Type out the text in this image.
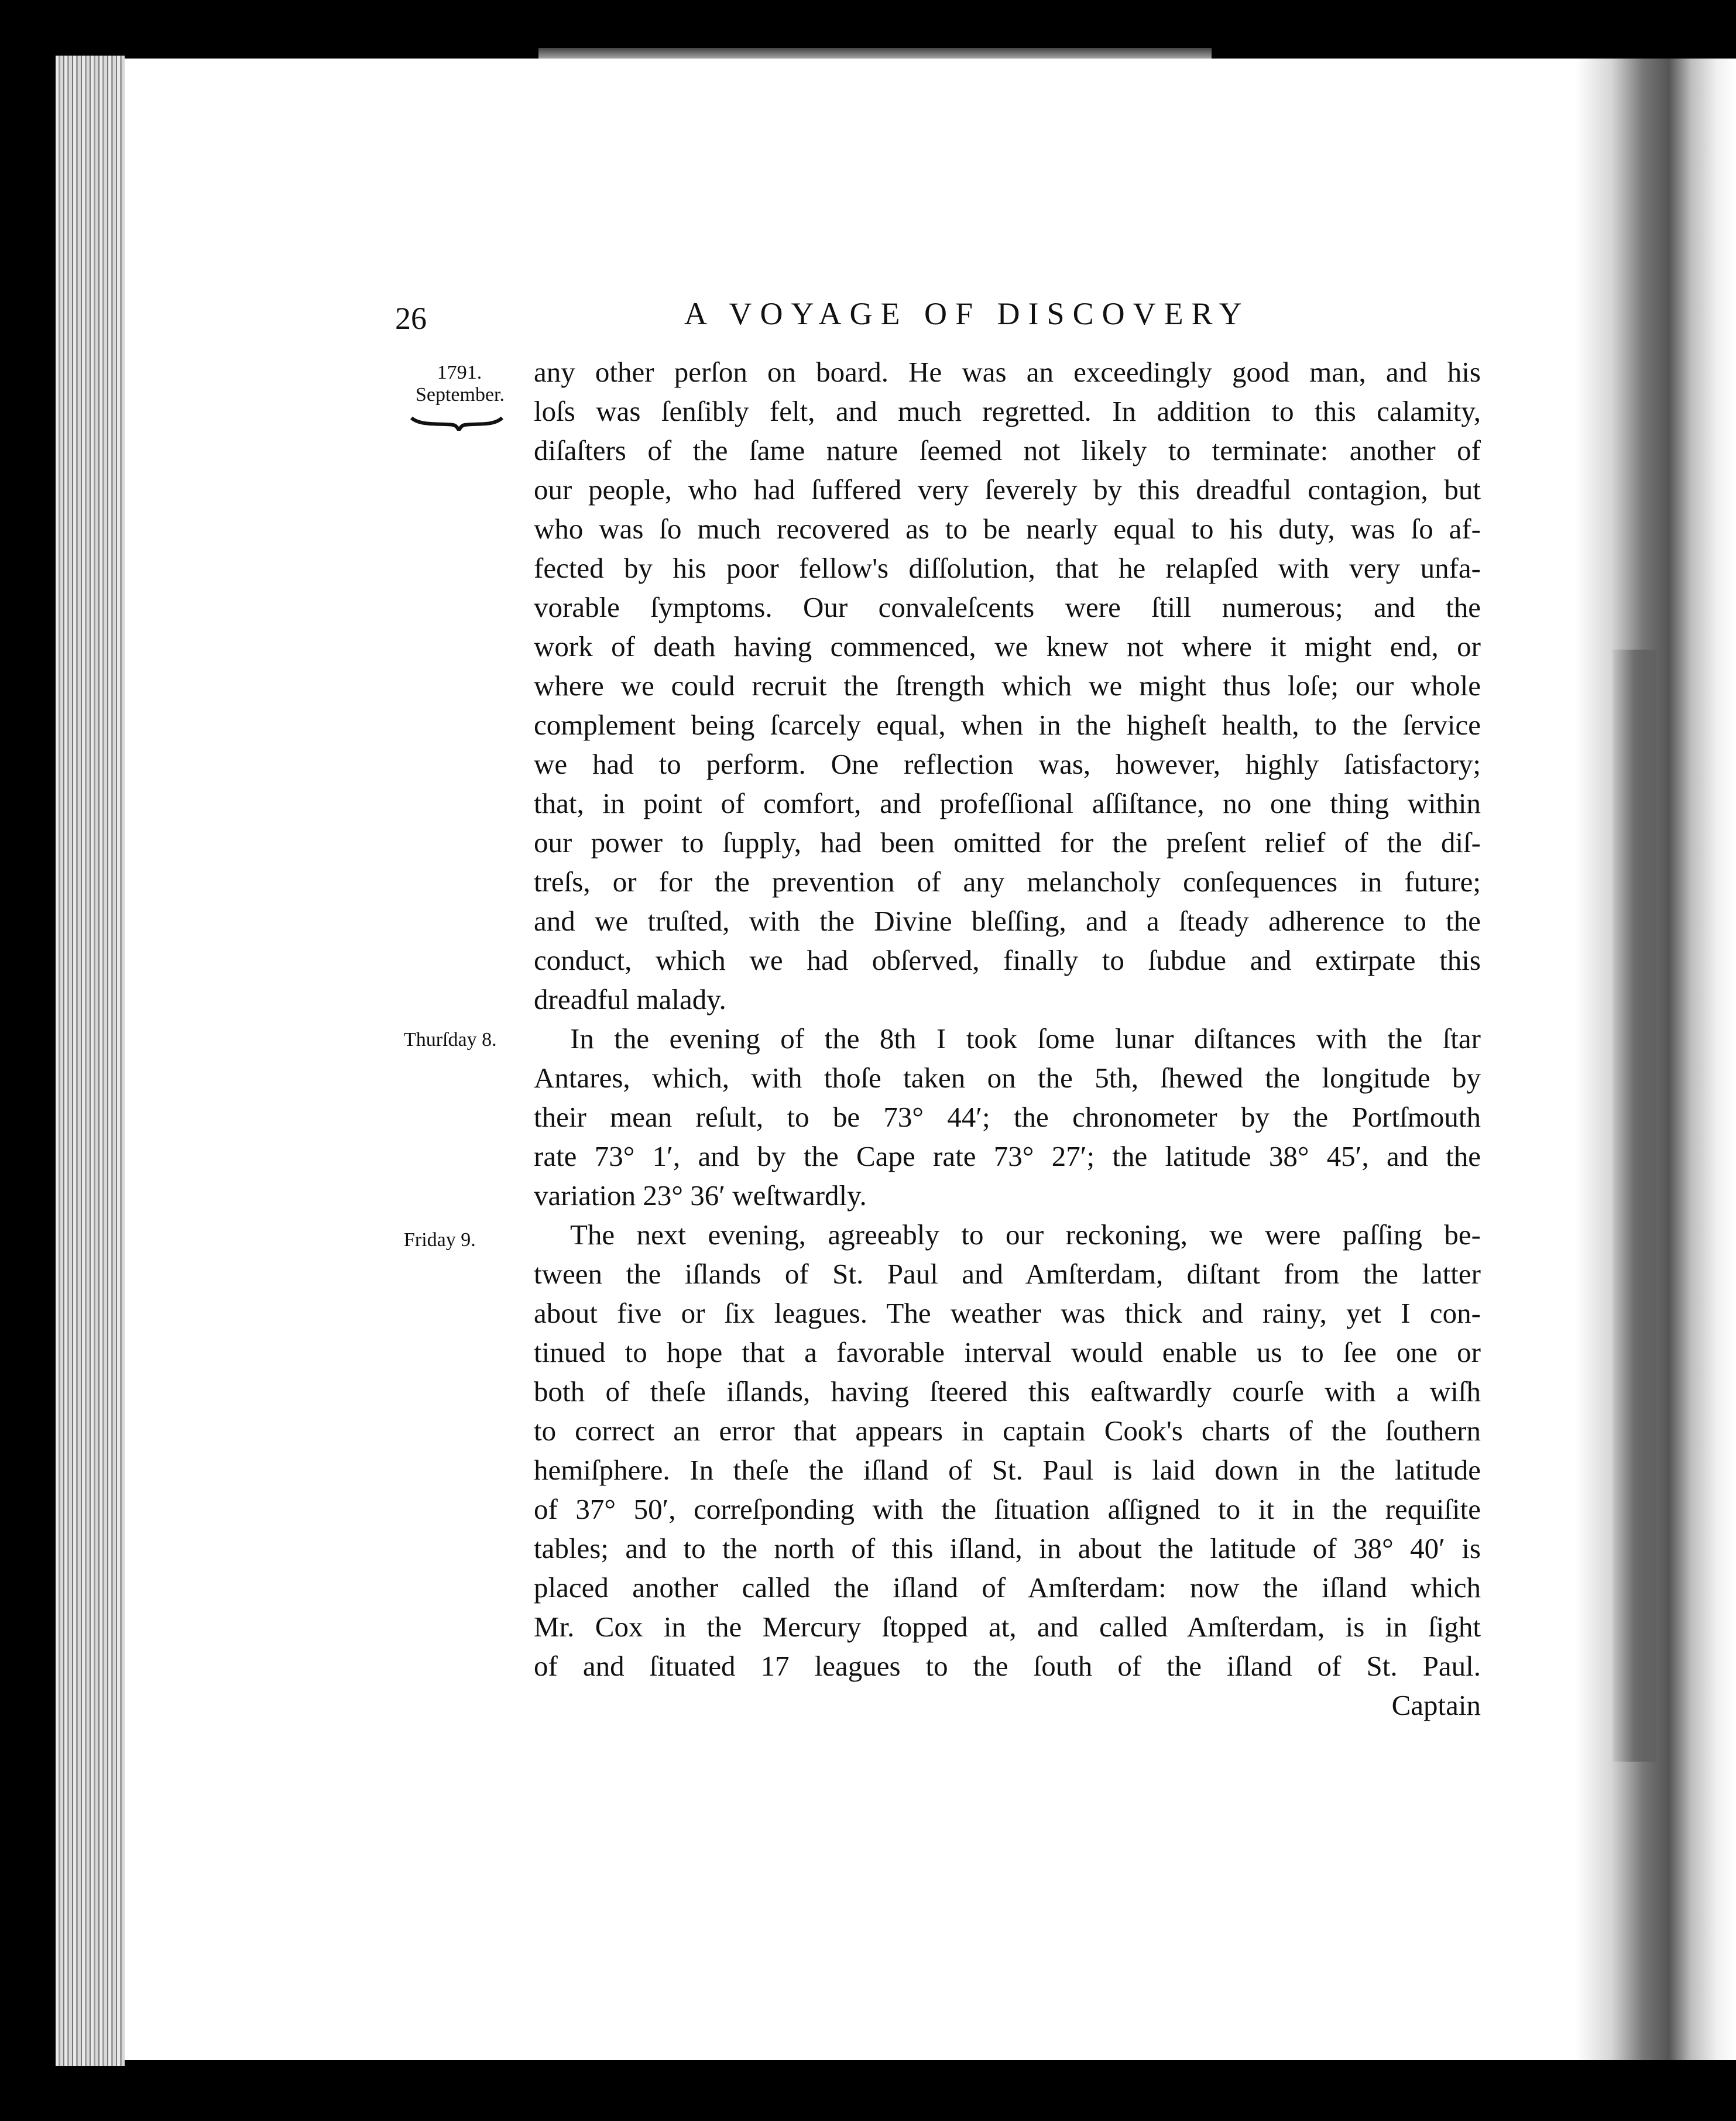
26	A VOYAGE OF DISCOVERY
1791.
September.
Thurſday 8.
Friday 9.
any other perſon on board. He was an exceedingly good man, and his
loſs was ſenſibly felt, and much regretted. In addition to this calamity,
diſaſters of the ſame nature ſeemed not likely to terminate: another of
our people, who had ſuffered very ſeverely by this dreadful contagion, but
who was ſo much recovered as to be nearly equal to his duty, was ſo af-
fected by his poor fellow's diſſolution, that he relapſed with very unfa-
vorable ſymptoms. Our convaleſcents were ſtill numerous; and the
work of death having commenced, we knew not where it might end, or
where we could recruit the ſtrength which we might thus loſe; our whole
complement being ſcarcely equal, when in the higheſt health, to the ſervice
we had to perform. One reflection was, however, highly ſatisfactory;
that, in point of comfort, and profeſſional aſſiſtance, no one thing within
our power to ſupply, had been omitted for the preſent relief of the diſ-
treſs, or for the prevention of any melancholy conſequences in future;
and we truſted, with the Divine bleſſing, and a ſteady adherence to the
conduct, which we had obſerved, finally to ſubdue and extirpate this
dreadful malady.
In the evening of the 8th I took ſome lunar diſtances with the ſtar
Antares, which, with thoſe taken on the 5th, ſhewed the longitude by
their mean reſult, to be 73° 44′; the chronometer by the Portſmouth
rate 73° 1′, and by the Cape rate 73° 27′; the latitude 38° 45′, and the
variation 23° 36′ weſtwardly.
The next evening, agreeably to our reckoning, we were paſſing be-
tween the iſlands of St. Paul and Amſterdam, diſtant from the latter
about five or ſix leagues. The weather was thick and rainy, yet I con-
tinued to hope that a favorable interval would enable us to ſee one or
both of theſe iſlands, having ſteered this eaſtwardly courſe with a wiſh
to correct an error that appears in captain Cook's charts of the ſouthern
hemiſphere. In theſe the iſland of St. Paul is laid down in the latitude
of 37° 50′, correſponding with the ſituation aſſigned to it in the requiſite
tables; and to the north of this iſland, in about the latitude of 38° 40′ is
placed another called the iſland of Amſterdam: now the iſland which
Mr. Cox in the Mercury ſtopped at, and called Amſterdam, is in ſight
of and ſituated 17 leagues to the ſouth of the iſland of St. Paul.
Captain
